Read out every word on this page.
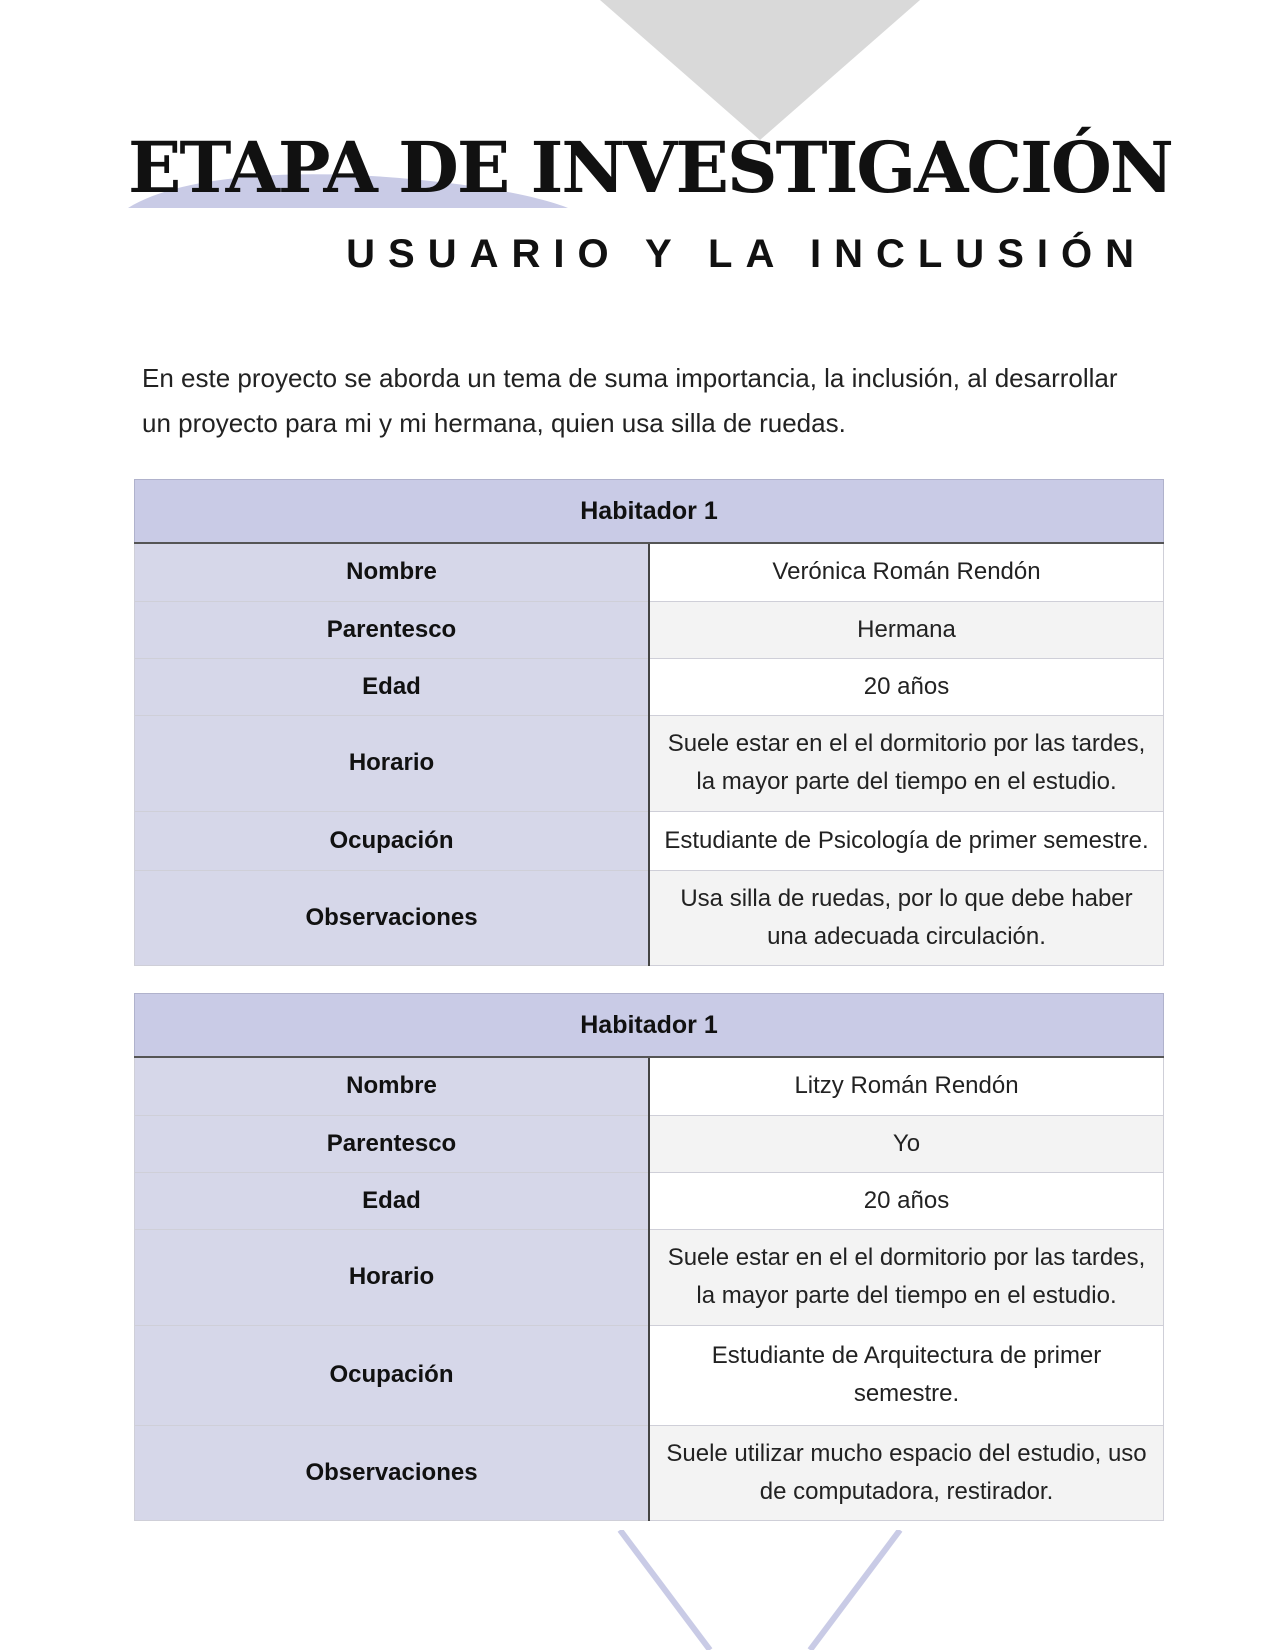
ETAPA DE INVESTIGACIÓN
USUARIO Y LA INCLUSIÓN

En este proyecto se aborda un tema de suma importancia, la inclusión, al desarrollar un proyecto para mi y mi hermana, quien usa silla de ruedas.

Habitador 1	
Nombre	Verónica Román Rendón
Parentesco	Hermana
Edad	20 años
Horario	Suele estar en el el dormitorio por las tardes, la mayor parte del tiempo en el estudio.
Ocupación	Estudiante de Psicología de primer semestre.
Observaciones	Usa silla de ruedas, por lo que debe haber una adecuada circulación.
Habitador 1	
Nombre	Litzy Román Rendón
Parentesco	Yo
Edad	20 años
Horario	Suele estar en el el dormitorio por las tardes, la mayor parte del tiempo en el estudio.
Ocupación	Estudiante de Arquitectura de primer semestre.
Observaciones	Suele utilizar mucho espacio del estudio, uso de computadora, restirador.
